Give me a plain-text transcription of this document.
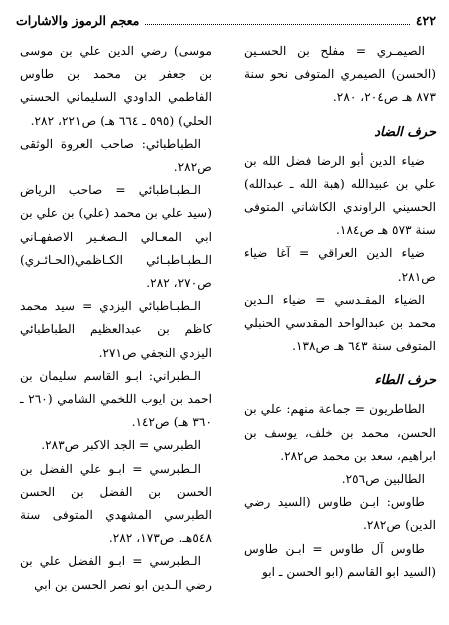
٤٢٢
معجم الرموز والاشارات

الصيمـري = مفلح بن الحسـين (الحسن) الصيمري المتوفى نحو سنة ٨٧٣ هـ ص٢٠٤، ٢٨٠.

حرف الضاد

ضياء الدين أبو الرضا فضل الله بن علي بن عبيدالله (هبة الله ـ عبدالله) الحسيني الراوندي الكاشاني المتوفى سنة ٥٧٣ هـ ص١٨٤.

ضياء الدين العراقي = آغا ضياء ص٢٨١.

الضياء المقـدسي = ضياء الـدين محمد بن عبدالواحد المقدسي الحنبلي المتوفى سنة ٦٤٣ هـ ص١٣٨.

حرف الطاء

الطاطريون = جماعة منهم: علي بن الحسن، محمد بن خلف، يوسف بن ابراهيم، سعد بن محمد ص٢٨٢.

الطالبين ص٢٥٦.

طاوس: ابـن طاوس (السيد رضي الدين) ص٢٨٢.

طاوس آل طاوس = ابـن طاوس (السيد ابو القاسم (ابو الحسن ـ ابو

موسى) رضي الدين علي بن موسى بن جعفر بن محمد بن طاوس الفاطمي الداودي السليماني الحسني الحلي) (٥٩٥ ـ ٦٦٤ هـ) ص٢٢١، ٢٨٢.

الطباطبائي: صاحب العروة الوثقى ص٢٨٢.

الـطبـاطبائي = صاحب الرياض (سيد علي بن محمد (علي) بن علي بن ابي المعـالي الـصغـير الاصفهـاني الـطبـاطبـائي الكـاظمي(الحـائـري) ص٢٧٠، ٢٨٢.

الـطبـاطبائي اليزدي = سيد محمد كاظم بن عبدالعظيم الطباطبائي اليزدي النجفي ص٢٧١.

الـطبراني: ابـو القاسم سليمان بن احمد بن ايوب اللخمي الشامي (٢٦٠ ـ ٣٦٠ هـ) ص١٤٢.

الطبرسي = الجد الاكبر ص٢٨٣.

الـطبرسي = ابـو علي الفضل بن الحسن بن الفضل بن الحسن الطبرسي المشهدي المتوفى سنة ٥٤٨هـ. ص١٧٣، ٢٨٢.

الـطبرسي = ابـو الفضل علي بن رضي الـدين ابو نصر الحسن بن ابي
